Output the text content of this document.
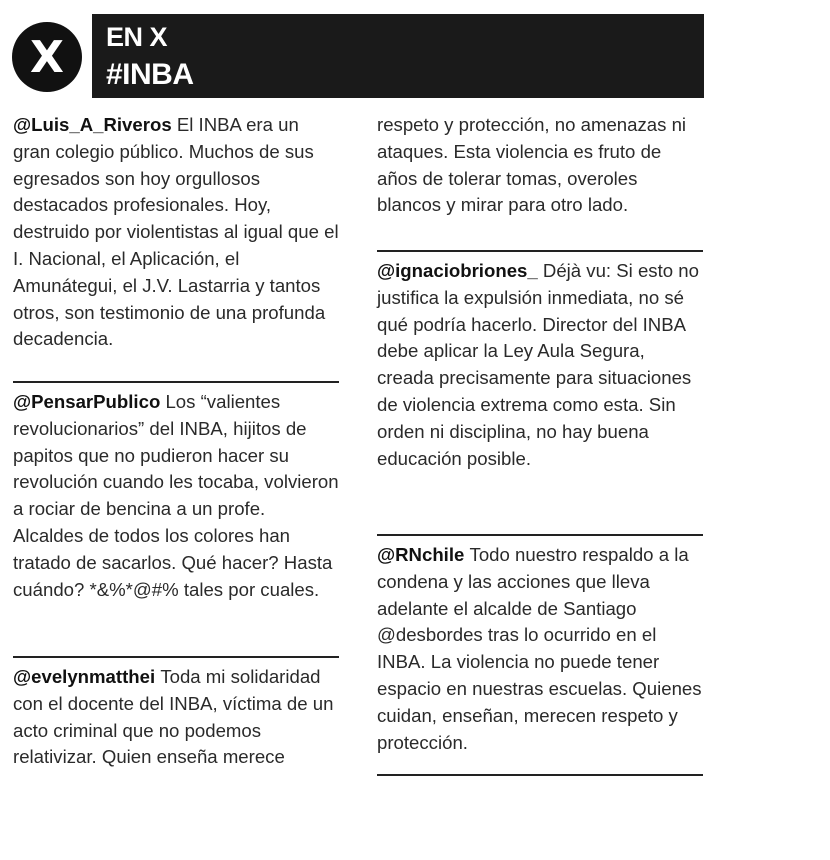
X	EN X
#INBA
@Luis_A_Riveros El INBA era un gran colegio público. Muchos de sus egresados son hoy orgullosos destacados profesionales. Hoy, destruido por violentistas al igual que el I. Nacional, el Aplicación, el Amunátegui, el J.V. Lastarria y tantos otros, son testimonio de una profunda decadencia.
@PensarPublico Los “valientes revolucionarios” del INBA, hijitos de papitos que no pudieron hacer su revolución cuando les tocaba, volvieron a rociar de bencina a un profe. Alcaldes de todos los colores han tratado de sacarlos. Qué hacer? Hasta cuándo? *&%*@#% tales por cuales.
@evelynmatthei Toda mi solidaridad con el docente del INBA, víctima de un acto criminal que no podemos relativizar. Quien enseña merece
respeto y protección, no amenazas ni ataques. Esta violencia es fruto de años de tolerar tomas, overoles blancos y mirar para otro lado.
@ignaciobriones_ Déjà vu: Si esto no justifica la expulsión inmediata, no sé qué podría hacerlo. Director del INBA debe aplicar la Ley Aula Segura, creada precisamente para situaciones de violencia extrema como esta. Sin orden ni disciplina, no hay buena educación posible.
@RNchile Todo nuestro respaldo a la condena y las acciones que lleva adelante el alcalde de Santiago @desbordes tras lo ocurrido en el INBA. La violencia no puede tener espacio en nuestras escuelas. Quienes cuidan, enseñan, merecen respeto y protección.
